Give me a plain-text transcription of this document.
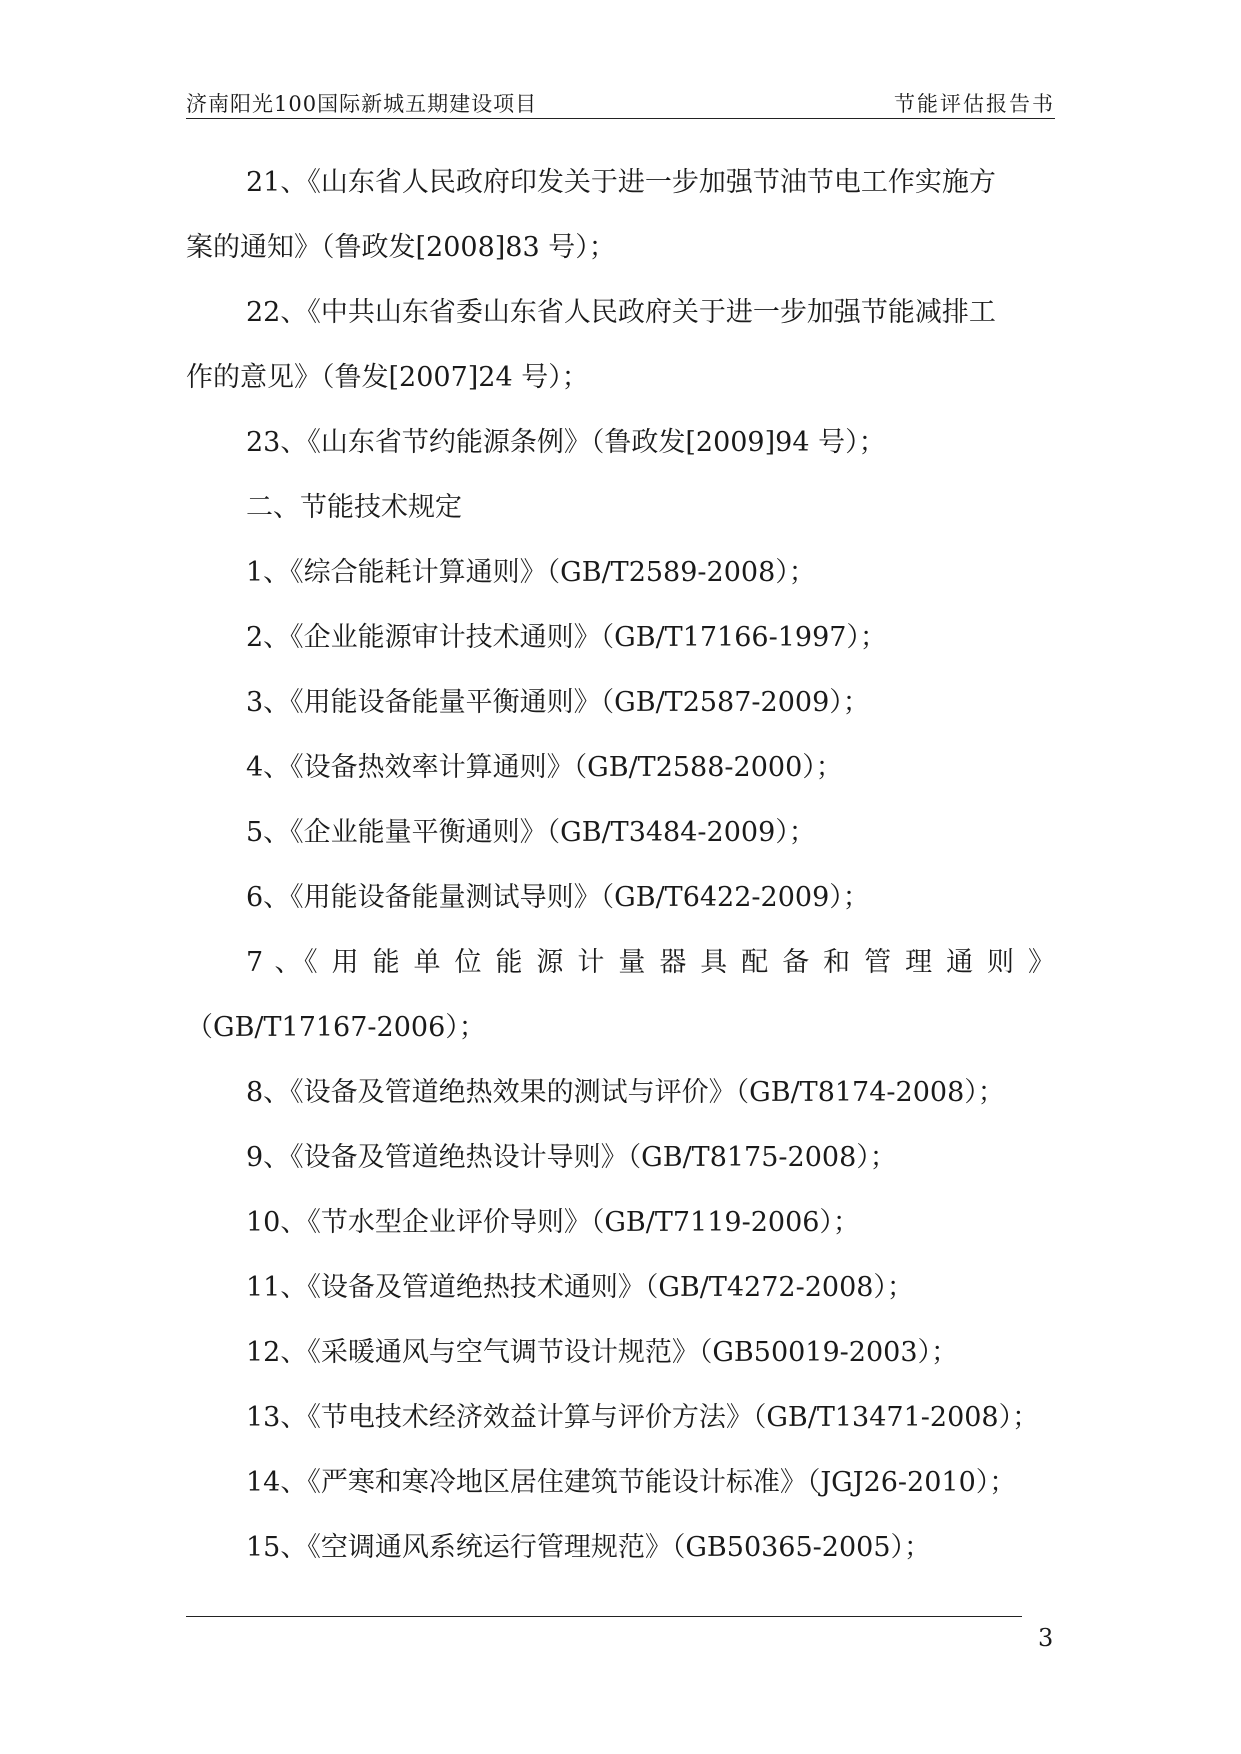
济南阳光100国际新城五期建设项目	节能评估报告书

21、《山东省人民政府印发关于进一步加强节油节电工作实施方

案的通知》（鲁政发[2008]83 号）；

22、《中共山东省委山东省人民政府关于进一步加强节能减排工

作的意见》（鲁发[2007]24 号）；

23、《山东省节约能源条例》（鲁政发[2009]94 号）；

二、节能技术规定

1、《综合能耗计算通则》（GB/T2589-2008）；

2、《企业能源审计技术通则》（GB/T17166-1997）；

3、《用能设备能量平衡通则》（GB/T2587-2009）；

4、《设备热效率计算通则》（GB/T2588-2000）；

5、《企业能量平衡通则》（GB/T3484-2009）；

6、《用能设备能量测试导则》（GB/T6422-2009）；

7 、《 用 能 单 位 能 源 计 量 器 具 配 备 和 管 理 通 则 》

（GB/T17167-2006）；

8、《设备及管道绝热效果的测试与评价》（GB/T8174-2008）；

9、《设备及管道绝热设计导则》（GB/T8175-2008）；

10、《节水型企业评价导则》（GB/T7119-2006）；

11、《设备及管道绝热技术通则》（GB/T4272-2008）；

12、《采暖通风与空气调节设计规范》（GB50019-2003）；

13、《节电技术经济效益计算与评价方法》（GB/T13471-2008）；

14、《严寒和寒冷地区居住建筑节能设计标准》（JGJ26-2010）；

15、《空调通风系统运行管理规范》（GB50365-2005）；

3
